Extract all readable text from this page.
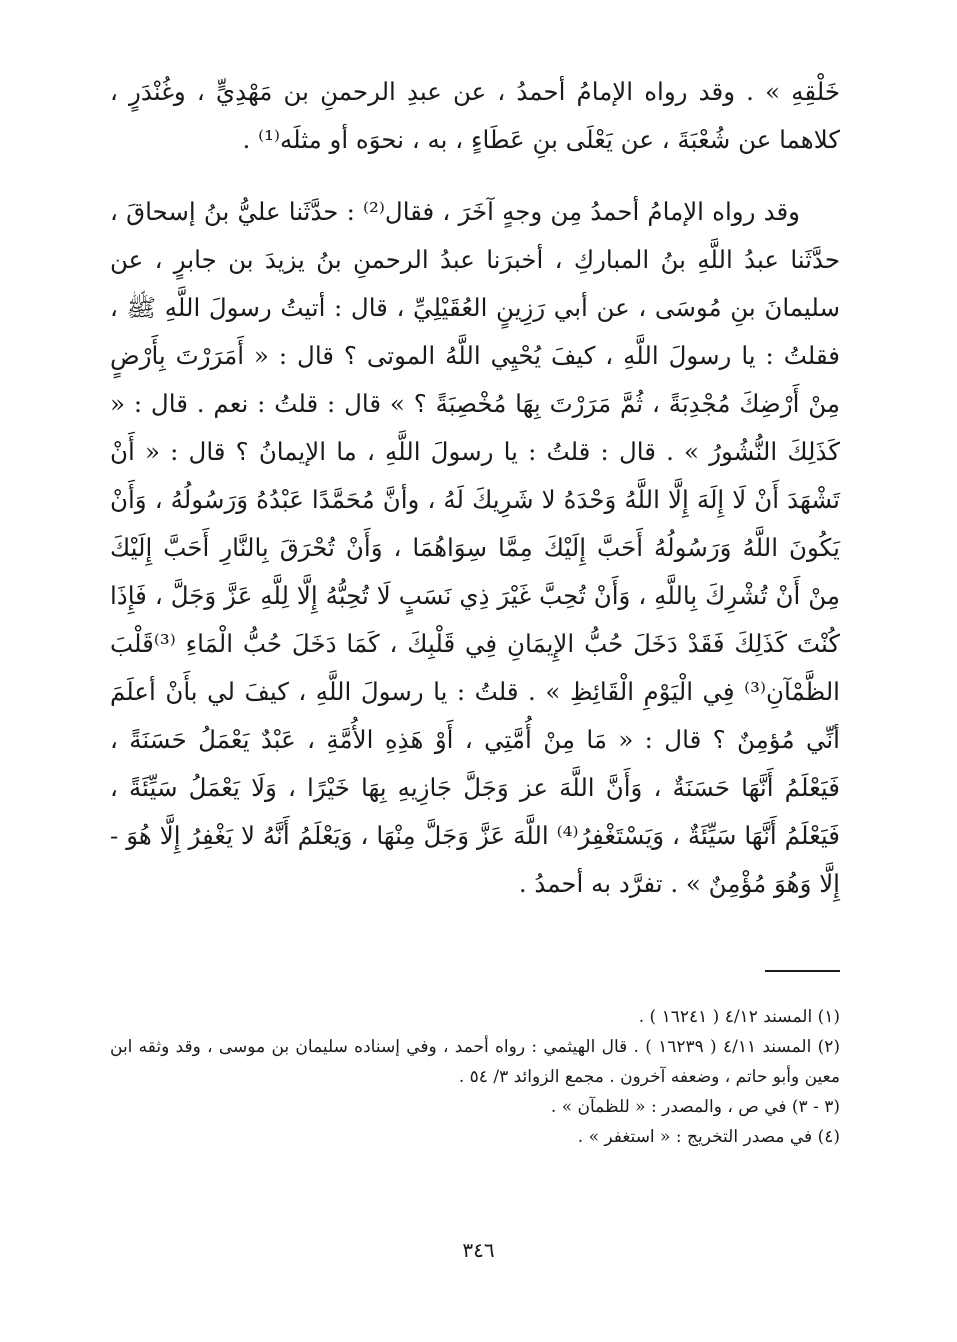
خَلْقِهِ » . وقد رواه الإمامُ أحمدُ ، عن عبدِ الرحمنِ بن مَهْدِيٍّ ، وغُنْدَرٍ ، كلاهما عن شُعْبَةَ ، عن يَعْلَى بنِ عَطَاءٍ ، به ، نحوَه أو مثلَه⁽¹⁾ .

وقد رواه الإمامُ أحمدُ مِن وجهٍ آخَرَ ، فقال⁽²⁾ : حدَّثَنا عليُّ بنُ إسحاقَ ، حدَّثَنا عبدُ اللَّهِ بنُ المباركِ ، أخبرَنا عبدُ الرحمنِ بنُ يزيدَ بن جابرٍ ، عن سليمانَ بنِ مُوسَى ، عن أبي رَزِينٍ العُقَيْلِيِّ ، قال : أتيتُ رسولَ اللَّهِ ﷺ ، فقلتُ : يا رسولَ اللَّهِ ، كيفَ يُحْيِي اللَّهُ الموتى ؟ قال : « أَمَرَرْتَ بِأَرْضٍ مِنْ أَرْضِكَ مُجْدِبَةً ، ثُمَّ مَرَرْتَ بِهَا مُخْصِبَةً ؟ » قال : قلتُ : نعم . قال : « كَذَلِكَ النُّشُورُ » . قال : قلتُ : يا رسولَ اللَّهِ ، ما الإيمانُ ؟ قال : « أَنْ تَشْهَدَ أَنْ لَا إِلَهَ إِلَّا اللَّهُ وَحْدَهُ لا شَرِيكَ لَهُ ، وأنَّ مُحَمَّدًا عَبْدُهُ وَرَسُولُهُ ، وَأَنْ يَكُونَ اللَّهُ وَرَسُولُهُ أَحَبَّ إِلَيْكَ مِمَّا سِوَاهُمَا ، وَأَنْ تُحْرَقَ بِالنَّارِ أَحَبَّ إِلَيْكَ مِنْ أَنْ تُشْرِكَ بِاللَّهِ ، وَأَنْ تُحِبَّ غَيْرَ ذِي نَسَبٍ لَا تُحِبُّهُ إِلَّا لِلَّهِ عَزَّ وَجَلَّ ، فَإِذَا كُنْتَ كَذَلِكَ فَقَدْ دَخَلَ حُبُّ الإِيمَانِ فِي قَلْبِكَ ، كَمَا دَخَلَ حُبُّ الْمَاءِ ⁽³⁾قَلْبَ الظَّمْآنِ⁽³⁾ فِي الْيَوْمِ الْقَائِظِ » . قلتُ : يا رسولَ اللَّهِ ، كيفَ لي بأَنْ أعلَمَ أنِّي مُؤمِنٌ ؟ قال : « مَا مِنْ أُمَّتِي ، أَوْ هَذِهِ الأُمَّةِ ، عَبْدٌ يَعْمَلُ حَسَنَةً ، فَيَعْلَمُ أَنَّهَا حَسَنَةٌ ، وَأَنَّ اللَّهَ عز وَجَلَّ جَازِيهِ بِهَا خَيْرًا ، وَلَا يَعْمَلُ سَيِّئَةً ، فَيَعْلَمُ أَنَّهَا سَيِّئَةٌ ، وَيَسْتَغْفِرُ⁽⁴⁾ اللَّهَ عَزَّ وَجَلَّ مِنْهَا ، وَيَعْلَمُ أَنَّهُ لا يَغْفِرُ إِلَّا هُوَ - إِلَّا وَهُوَ مُؤْمِنٌ » . تفرَّد به أحمدُ .

(١) المسند ٤/١٢ ( ١٦٢٤١ ) .

(٢) المسند ٤/١١ ( ١٦٢٣٩ ) . قال الهيثمي : رواه أحمد ، وفي إسناده سليمان بن موسى ، وقد وثقه ابن معين وأبو حاتم ، وضعفه آخرون . مجمع الزوائد ٣/ ٥٤ .

(٣ - ٣) في ص ، والمصدر : « للظمآن » .

(٤) في مصدر التخريج : « استغفر » .

٣٤٦
